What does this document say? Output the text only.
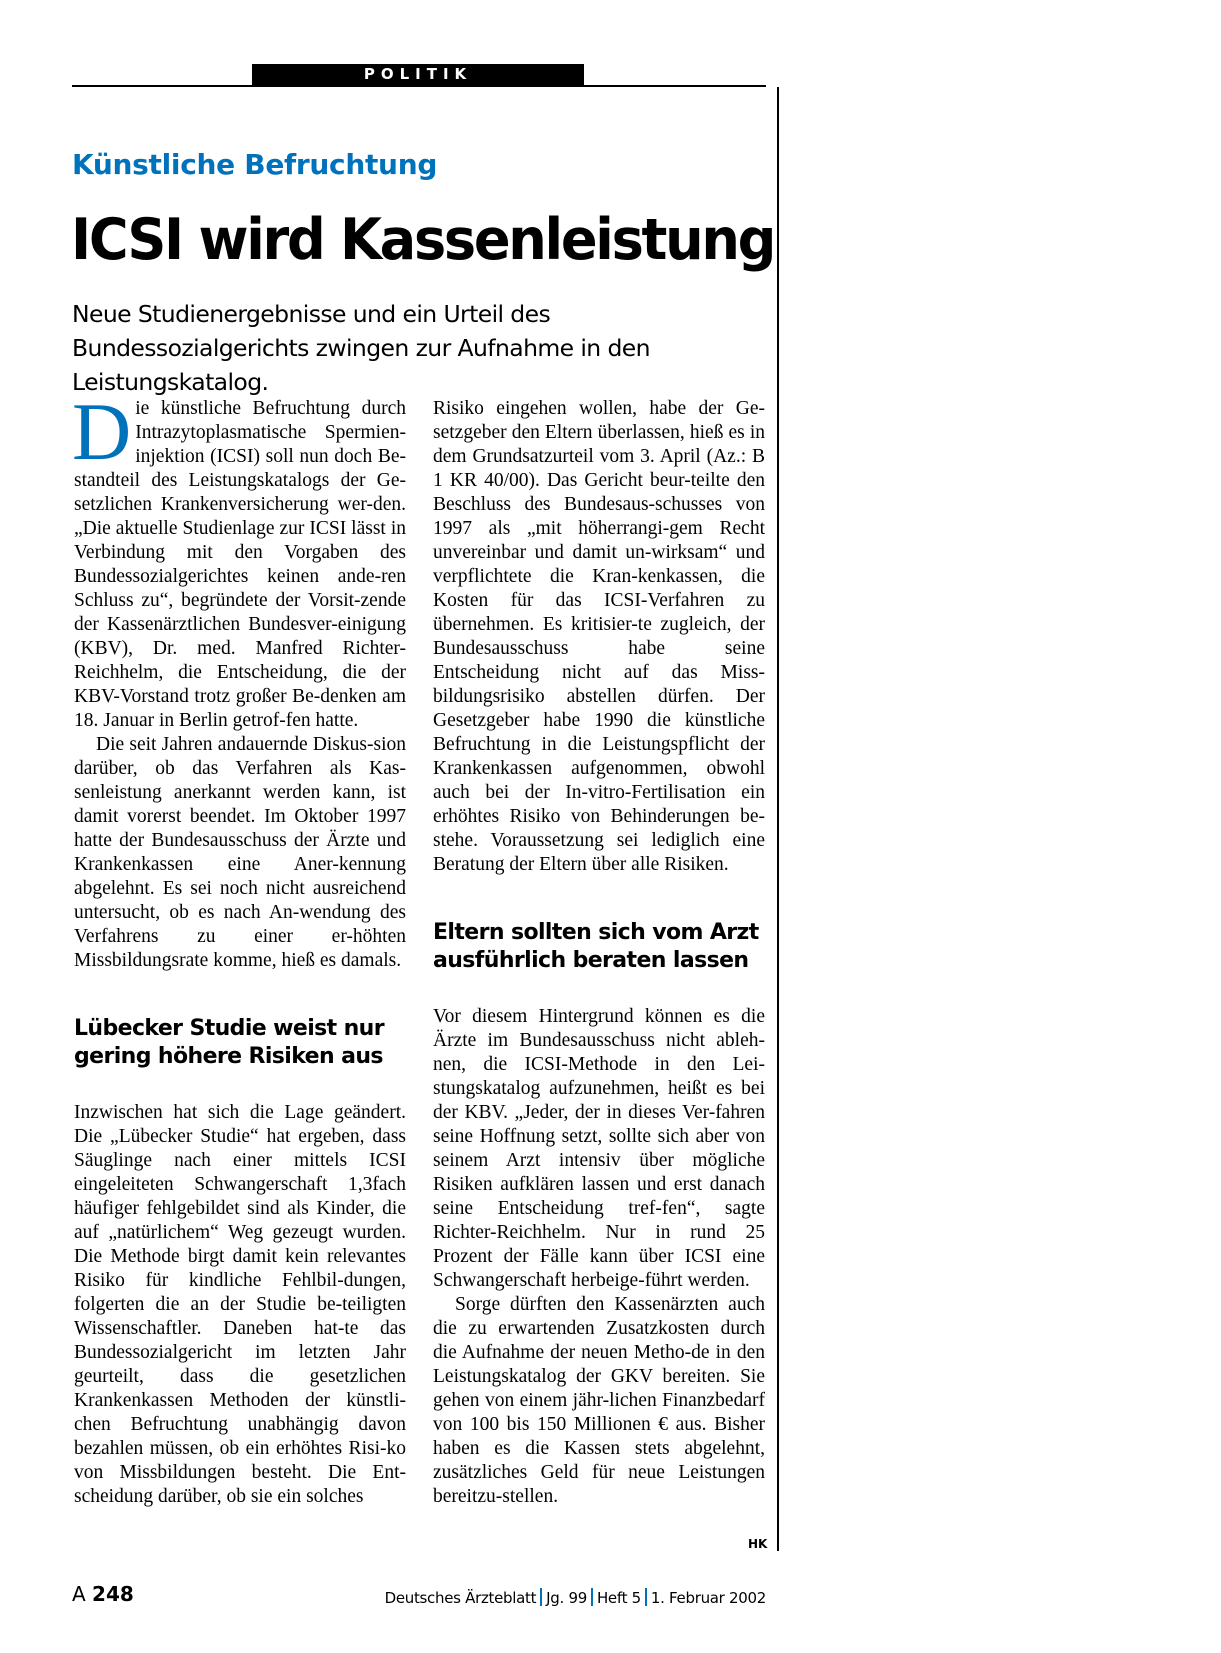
POLITIK
Künstliche Befruchtung
ICSI wird Kassenleistung
Neue Studienergebnisse und ein Urteil des Bundessozialgerichts zwingen zur Aufnahme in den Leistungskatalog.

Die künstliche Befruchtung durch Intrazytoplasmatische Spermien-injektion (ICSI) soll nun doch Be-standteil des Leistungskatalogs der Ge-setzlichen Krankenversicherung wer-den. „Die aktuelle Studienlage zur ICSI lässt in Verbindung mit den Vorgaben des Bundessozialgerichtes keinen ande-ren Schluss zu“, begründete der Vorsit-zende der Kassenärztlichen Bundesver-einigung (KBV), Dr. med. Manfred Richter-Reichhelm, die Entscheidung, die der KBV-Vorstand trotz großer Be-denken am 18. Januar in Berlin getrof-fen hatte.

Die seit Jahren andauernde Diskus-sion darüber, ob das Verfahren als Kas-senleistung anerkannt werden kann, ist damit vorerst beendet. Im Oktober 1997 hatte der Bundesausschuss der Ärzte und Krankenkassen eine Aner-kennung abgelehnt. Es sei noch nicht ausreichend untersucht, ob es nach An-wendung des Verfahrens zu einer er-höhten Missbildungsrate komme, hieß es damals.

Lübecker Studie weist nur gering höhere Risiken aus

Inzwischen hat sich die Lage geändert. Die „Lübecker Studie“ hat ergeben, dass Säuglinge nach einer mittels ICSI eingeleiteten Schwangerschaft 1,3fach häufiger fehlgebildet sind als Kinder, die auf „natürlichem“ Weg gezeugt wurden. Die Methode birgt damit kein relevantes Risiko für kindliche Fehlbil-dungen, folgerten die an der Studie be-teiligten Wissenschaftler. Daneben hat-te das Bundessozialgericht im letzten Jahr geurteilt, dass die gesetzlichen Krankenkassen Methoden der künstli-chen Befruchtung unabhängig davon bezahlen müssen, ob ein erhöhtes Risi-ko von Missbildungen besteht. Die Ent-scheidung darüber, ob sie ein solches

Risiko eingehen wollen, habe der Ge-setzgeber den Eltern überlassen, hieß es in dem Grundsatzurteil vom 3. April (Az.: B 1 KR 40/00). Das Gericht beur-teilte den Beschluss des Bundesaus-schusses von 1997 als „mit höherrangi-gem Recht unvereinbar und damit un-wirksam“ und verpflichtete die Kran-kenkassen, die Kosten für das ICSI-Verfahren zu übernehmen. Es kritisier-te zugleich, der Bundesausschuss habe seine Entscheidung nicht auf das Miss-bildungsrisiko abstellen dürfen. Der Gesetzgeber habe 1990 die künstliche Befruchtung in die Leistungspflicht der Krankenkassen aufgenommen, obwohl auch bei der In-vitro-Fertilisation ein erhöhtes Risiko von Behinderungen be-stehe. Voraussetzung sei lediglich eine Beratung der Eltern über alle Risiken.

Eltern sollten sich vom Arzt ausführlich beraten lassen

Vor diesem Hintergrund können es die Ärzte im Bundesausschuss nicht ableh-nen, die ICSI-Methode in den Lei-stungskatalog aufzunehmen, heißt es bei der KBV. „Jeder, der in dieses Ver-fahren seine Hoffnung setzt, sollte sich aber von seinem Arzt intensiv über mögliche Risiken aufklären lassen und erst danach seine Entscheidung tref-fen“, sagte Richter-Reichhelm. Nur in rund 25 Prozent der Fälle kann über ICSI eine Schwangerschaft herbeige-führt werden.

Sorge dürften den Kassenärzten auch die zu erwartenden Zusatzkosten durch die Aufnahme der neuen Metho-de in den Leistungskatalog der GKV bereiten. Sie gehen von einem jähr-lichen Finanzbedarf von 100 bis 150 Millionen € aus. Bisher haben es die Kassen stets abgelehnt, zusätzliches Geld für neue Leistungen bereitzu-stellen.

HK
A 248	Deutsches Ärzteblatt Jg. 99 Heft 5 1. Februar 2002
